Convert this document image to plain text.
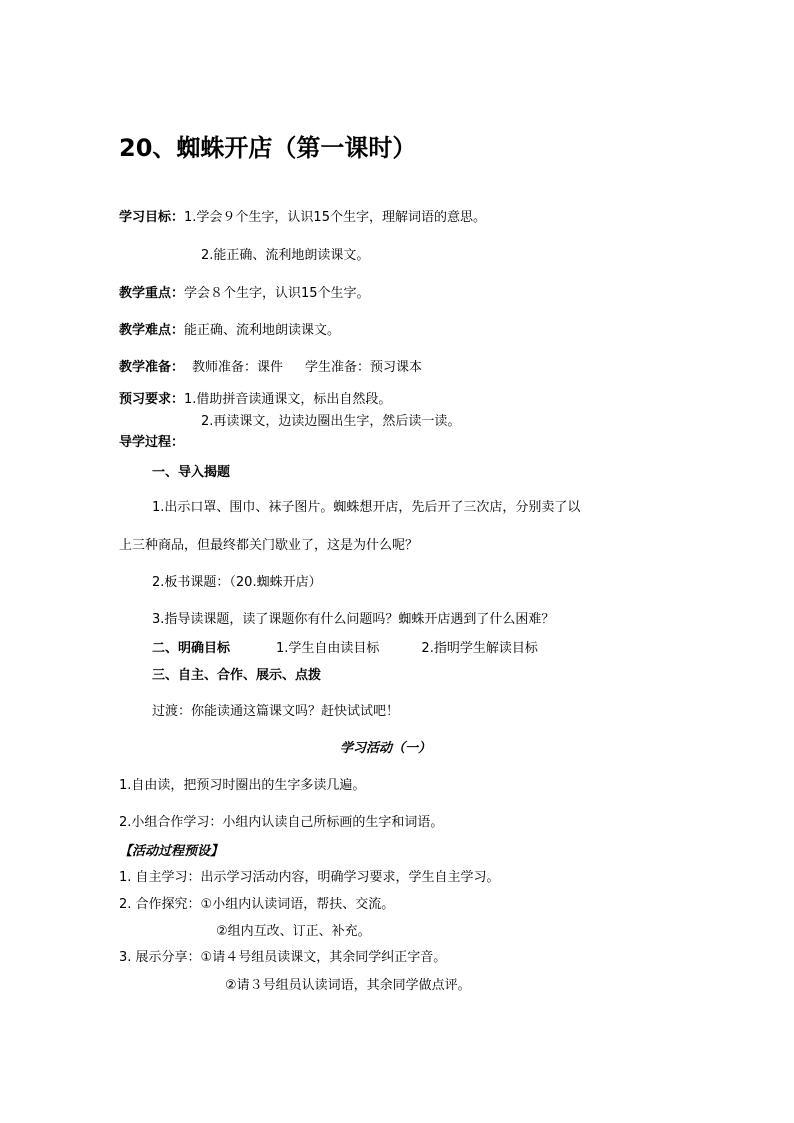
20、蜘蛛开店（第一课时）
学习目标：1.学会９个生字，认识15个生字，理解词语的意思。
2.能正确、流利地朗读课文。
教学重点：学会８个生字，认识15个生字。
教学难点：能正确、流利地朗读课文。
教学准备： 教师准备：课件 学生准备：预习课本
预习要求：1.借助拼音读通课文，标出自然段。
2.再读课文，边读边圈出生字，然后读一读。
导学过程：
一、导入揭题
1.出示口罩、围巾、袜子图片。蜘蛛想开店，先后开了三次店，分别卖了以
上三种商品，但最终都关门歇业了，这是为什么呢？
2.板书课题：（20.蜘蛛开店）
3.指导读课题，读了课题你有什么问题吗？蜘蛛开店遇到了什么困难？
二、明确目标	1.学生自由读目标	2.指明学生解读目标
三、自主、合作、展示、点拨
过渡：你能读通这篇课文吗？赶快试试吧！
学习活动（一）
1.自由读，把预习时圈出的生字多读几遍。
2.小组合作学习：小组内认读自己所标画的生字和词语。
【活动过程预设】
1. 自主学习：出示学习活动内容，明确学习要求，学生自主学习。
2. 合作探究：①小组内认读词语，帮扶、交流。
②组内互改、订正、补充。
3. 展示分享：①请４号组员读课文，其余同学纠正字音。
②请３号组员认读词语，其余同学做点评。
